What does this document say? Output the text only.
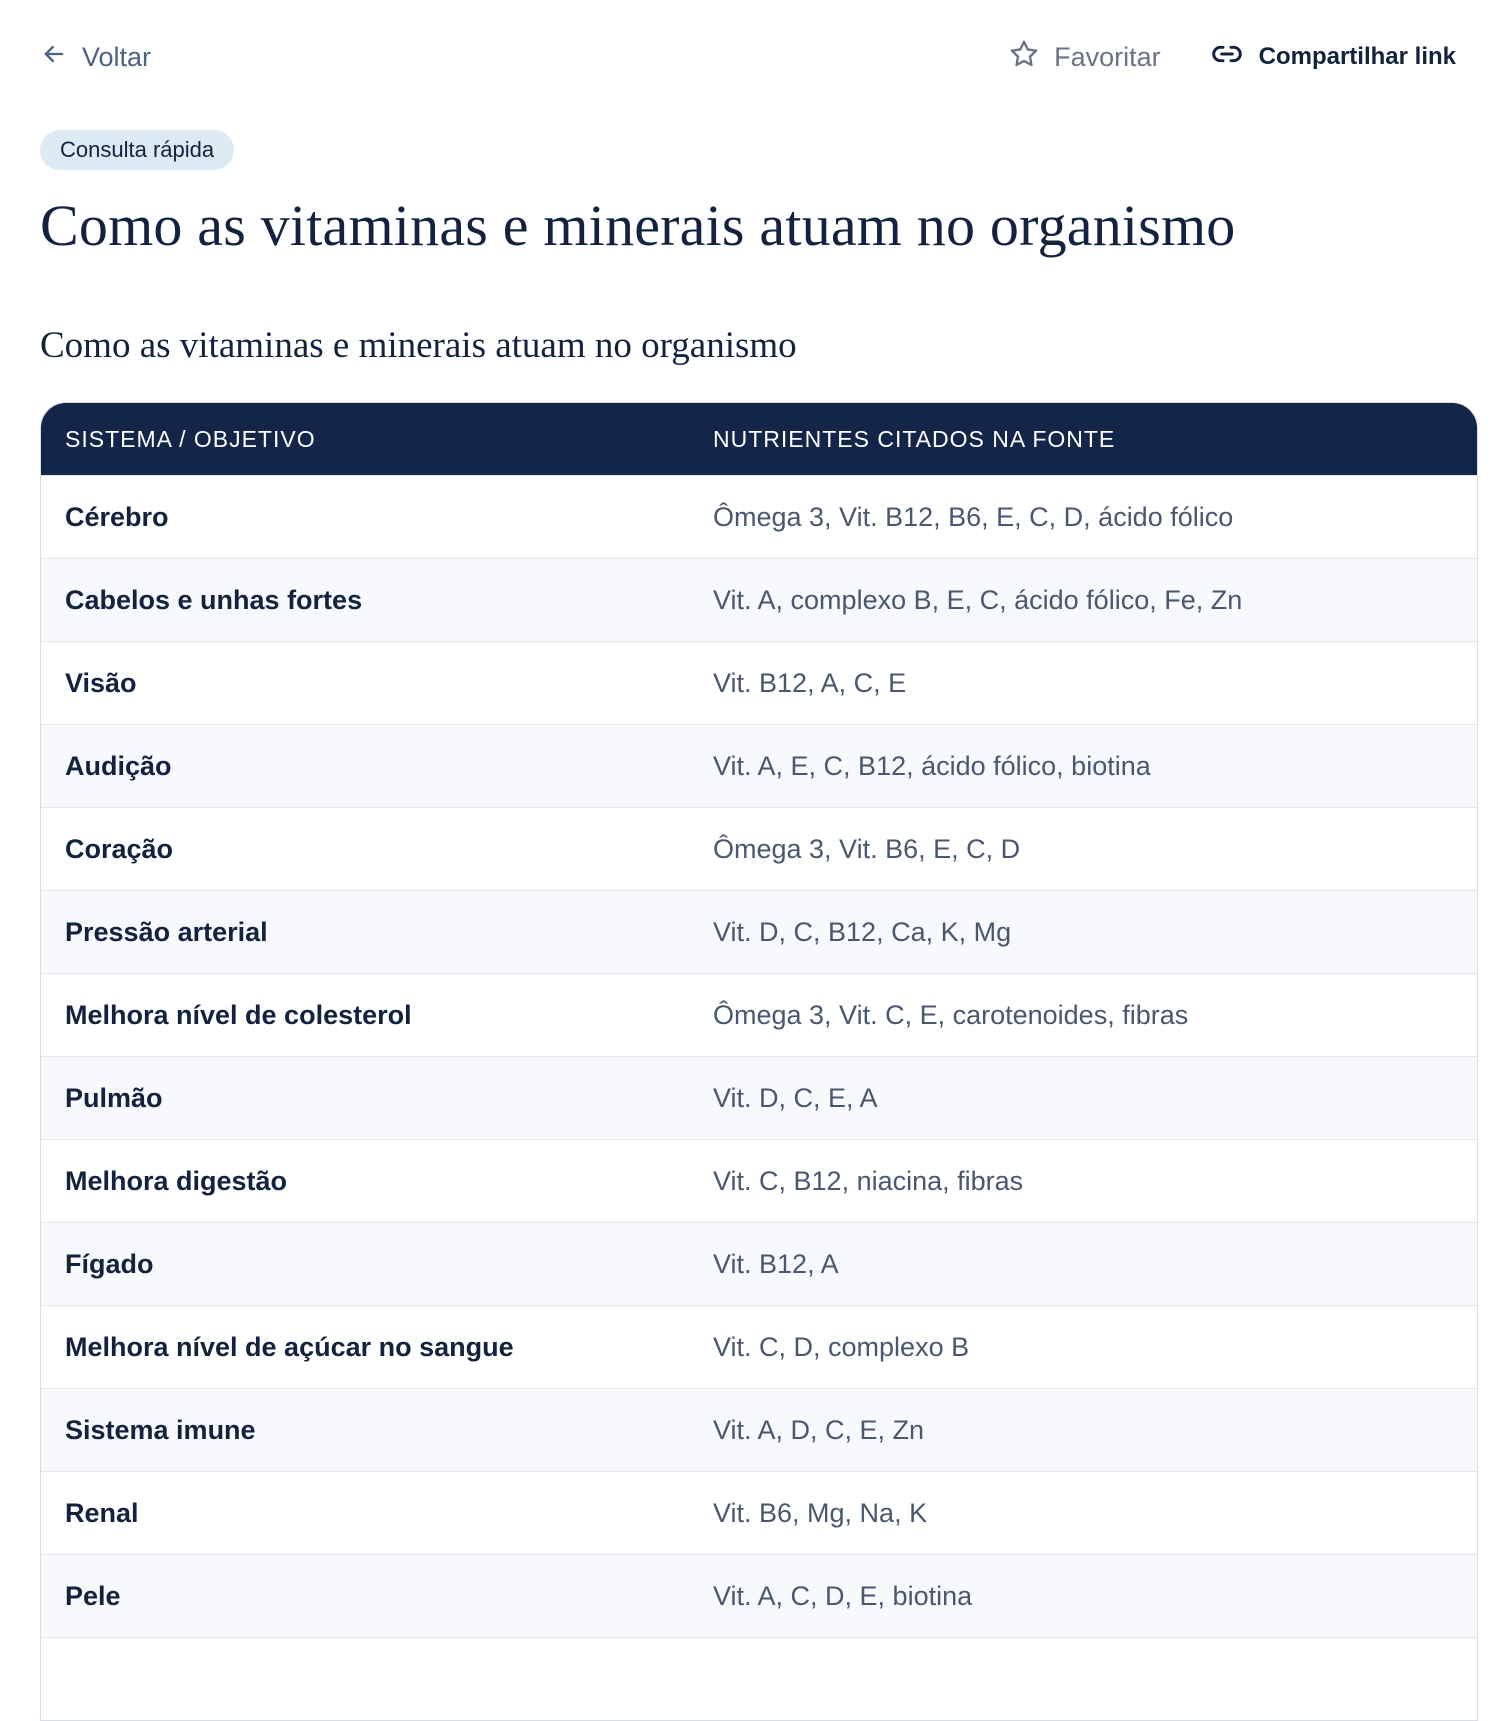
Voltar	Favoritar	Compartilhar link
Consulta rápida
Como as vitaminas e minerais atuam no organismo
Como as vitaminas e minerais atuam no organismo
SISTEMA / OBJETIVO	NUTRIENTES CITADOS NA FONTE
Cérebro	Ômega 3, Vit. B12, B6, E, C, D, ácido fólico
Cabelos e unhas fortes	Vit. A, complexo B, E, C, ácido fólico, Fe, Zn
Visão	Vit. B12, A, C, E
Audição	Vit. A, E, C, B12, ácido fólico, biotina
Coração	Ômega 3, Vit. B6, E, C, D
Pressão arterial	Vit. D, C, B12, Ca, K, Mg
Melhora nível de colesterol	Ômega 3, Vit. C, E, carotenoides, fibras
Pulmão	Vit. D, C, E, A
Melhora digestão	Vit. C, B12, niacina, fibras
Fígado	Vit. B12, A
Melhora nível de açúcar no sangue	Vit. C, D, complexo B
Sistema imune	Vit. A, D, C, E, Zn
Renal	Vit. B6, Mg, Na, K
Pele	Vit. A, C, D, E, biotina
